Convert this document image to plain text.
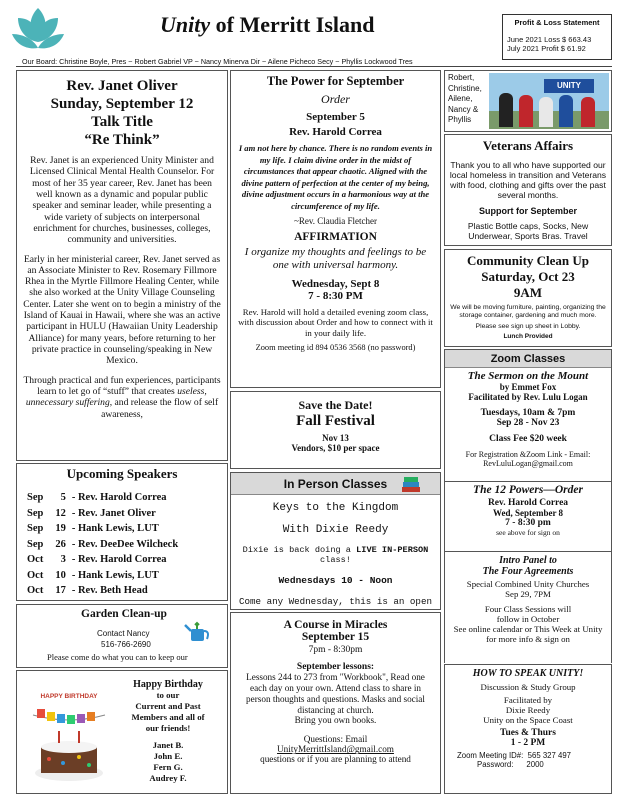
Unity of Merritt Island	Profit & Loss Statement
June 2021 Loss $ 663.43
July 2021 Profit $ 61.92
Our Board: Christine Boyle, Pres ~ Robert Gabriel VP ~ Nancy Minerva Dir ~ Ailene Picheco Secy ~ Phyllis Lockwood Tres
Rev. Janet Oliver
Sunday, September 12
Talk Title
“Re Think”

Rev. Janet is an experienced Unity Minister and Licensed Clinical Mental Health Counselor. For most of her 35 year career, Rev. Janet has been well known as a dynamic and popular public speaker and seminar leader, while presenting a wide variety of subjects on interpersonal enrichment for churches, businesses, colleges, community and universities.

Early in her ministerial career, Rev. Janet served as an Associate Minister to Rev. Rosemary Fillmore Rhea in the Myrtle Fillmore Healing Center, while she also worked at the Unity Village Counseling Center. Later she went on to begin a ministry of the Island of Kauai in Hawaii, where she was an active participant in HULU (Hawaiian Unity Leadership Alliance) for many years, before returning to her private practice in counseling/speaking in New Mexico.

Through practical and fun experiences, participants learn to let go of “stuff” that creates useless, unnecessary suffering, and release the flow of self awareness,

Upcoming Speakers
Sep	5	- Rev. Harold Correa
Sep	12	- Rev. Janet Oliver
Sep	19	- Hank Lewis, LUT
Sep	26	- Rev. DeeDee Wilcheck
Oct	3	- Rev. Harold Correa
Oct	10	- Hank Lewis, LUT
Oct	17	- Rev. Beth Head

Garden Clean-up
Contact Nancy
516-766-2690
Please come do what you can to keep our
HAPPY BIRTHDAY
Happy Birthday
to our
Current and Past
Members and all of
our friends!
Janet B.
John E.
Fern G.
Audrey F.
The Power for September
Order
September 5
Rev. Harold Correa

I am not here by chance. There is no random events in my life. I claim divine order in the midst of circumstances that appear chaotic. Aligned with the divine pattern of perfection at the center of my being, divine adjustment occurs in a harmonious way at the circumference of my life.

~Rev. Claudia Fletcher
AFFIRMATION

I organize my thoughts and feelings to be one with universal harmony.

Wednesday, Sept 8
7 - 8:30 PM

Rev. Harold will hold a detailed evening zoom class, with discussion about Order and how to connect with it in your daily life.

Zoom meeting id 894 0536 3568 (no password)
Save the Date!
Fall Festival
Nov 13
Vendors, $10 per space
In Person Classes
Keys to the Kingdom
With Dixie Reedy
Dixie is back doing a LIVE IN-PERSON class!
Wednesdays 10 - Noon
Come any Wednesday, this is an open
A Course in Miracles
September 15
7pm - 8:30pm
September lessons:

Lessons 244 to 273 from "Workbook", Read one each day on your own. Attend class to share in person thoughts and questions. Masks and social distancing at church.

Bring you own books.
Questions: Email
UnityMerrittIsland@gmail.com
questions or if you are planning to attend
Robert,
Christine,
Ailene,
Nancy &
Phyllis
UNITY
Veterans Affairs

Thank you to all who have supported our local homeless in transition and Veterans with food, clothing and gifts over the past several months.

Support for September

Plastic Bottle caps, Socks, New Underwear, Sports Bras. Travel

Community Clean Up
Saturday, Oct 23
9AM

We will be moving furniture, painting, organizing the storage container, gardening and much more.

Please see sign up sheet in Lobby.
Lunch Provided
Zoom Classes
The Sermon on the Mount
by Emmet Fox
Facilitated by Rev. Lulu Logan
Tuesdays, 10am & 7pm
Sep 28 - Nov 23
Class Fee $20 week

For Registration &Zoom Link - Email: RevLuluLogan@gmail.com

The 12 Powers—Order
Rev. Harold Correa
Wed, September 8
7 - 8:30 pm
see above for sign on
Intro Panel to
The Four Agreements
Special Combined Unity Churches
Sep 29, 7PM
Four Class Sessions will
follow in October

See online calendar or This Week at Unity for more info & sign on

HOW TO SPEAK UNITY!
Discussion & Study Group
Facilitated by
Dixie Reedy
Unity on the Space Coast
Tues & Thurs
1 - 2 PM
Zoom Meeting ID#: 565 327 497
Password: 2000
